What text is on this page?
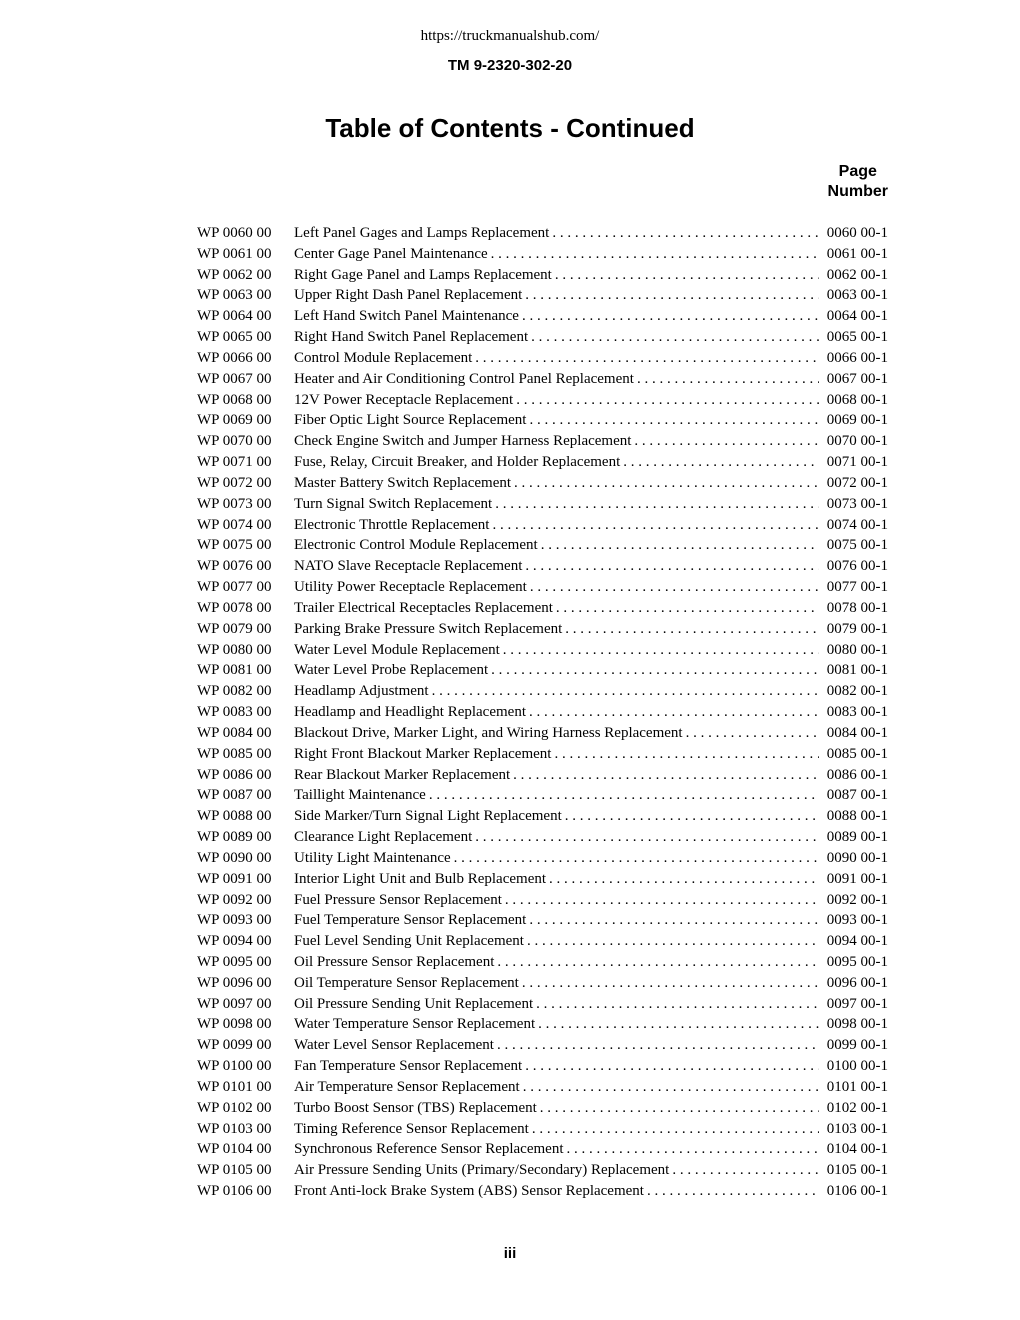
https://truckmanualshub.com/
TM 9-2320-302-20
Table of Contents - Continued
Page
Number
WP 0060 00	Left Panel Gages and Lamps Replacement . . .	0060 00-1
WP 0061 00	Center Gage Panel Maintenance . . .	0061 00-1
WP 0062 00	Right Gage Panel and Lamps Replacement . . .	0062 00-1
WP 0063 00	Upper Right Dash Panel Replacement . . .	0063 00-1
WP 0064 00	Left Hand Switch Panel Maintenance . . .	0064 00-1
WP 0065 00	Right Hand Switch Panel Replacement . . .	0065 00-1
WP 0066 00	Control Module Replacement . . .	0066 00-1
WP 0067 00	Heater and Air Conditioning Control Panel Replacement . . .	0067 00-1
WP 0068 00	12V Power Receptacle Replacement . . .	0068 00-1
WP 0069 00	Fiber Optic Light Source Replacement . . .	0069 00-1
WP 0070 00	Check Engine Switch and Jumper Harness Replacement . . .	0070 00-1
WP 0071 00	Fuse, Relay, Circuit Breaker, and Holder Replacement . . .	0071 00-1
WP 0072 00	Master Battery Switch Replacement . . .	0072 00-1
WP 0073 00	Turn Signal Switch Replacement . . .	0073 00-1
WP 0074 00	Electronic Throttle Replacement . . .	0074 00-1
WP 0075 00	Electronic Control Module Replacement . . .	0075 00-1
WP 0076 00	NATO Slave Receptacle Replacement . . .	0076 00-1
WP 0077 00	Utility Power Receptacle Replacement . . .	0077 00-1
WP 0078 00	Trailer Electrical Receptacles Replacement . . .	0078 00-1
WP 0079 00	Parking Brake Pressure Switch Replacement . . .	0079 00-1
WP 0080 00	Water Level Module Replacement . . .	0080 00-1
WP 0081 00	Water Level Probe Replacement . . .	0081 00-1
WP 0082 00	Headlamp Adjustment . . .	0082 00-1
WP 0083 00	Headlamp and Headlight Replacement . . .	0083 00-1
WP 0084 00	Blackout Drive, Marker Light, and Wiring Harness Replacement . . .	0084 00-1
WP 0085 00	Right Front Blackout Marker Replacement . . .	0085 00-1
WP 0086 00	Rear Blackout Marker Replacement . . .	0086 00-1
WP 0087 00	Taillight Maintenance . . .	0087 00-1
WP 0088 00	Side Marker/Turn Signal Light Replacement . . .	0088 00-1
WP 0089 00	Clearance Light Replacement . . .	0089 00-1
WP 0090 00	Utility Light Maintenance . . .	0090 00-1
WP 0091 00	Interior Light Unit and Bulb Replacement . . .	0091 00-1
WP 0092 00	Fuel Pressure Sensor Replacement . . .	0092 00-1
WP 0093 00	Fuel Temperature Sensor Replacement . . .	0093 00-1
WP 0094 00	Fuel Level Sending Unit Replacement . . .	0094 00-1
WP 0095 00	Oil Pressure Sensor Replacement . . .	0095 00-1
WP 0096 00	Oil Temperature Sensor Replacement . . .	0096 00-1
WP 0097 00	Oil Pressure Sending Unit Replacement . . .	0097 00-1
WP 0098 00	Water Temperature Sensor Replacement . . .	0098 00-1
WP 0099 00	Water Level Sensor Replacement . . .	0099 00-1
WP 0100 00	Fan Temperature Sensor Replacement . . .	0100 00-1
WP 0101 00	Air Temperature Sensor Replacement . . .	0101 00-1
WP 0102 00	Turbo Boost Sensor (TBS) Replacement . . .	0102 00-1
WP 0103 00	Timing Reference Sensor Replacement . . .	0103 00-1
WP 0104 00	Synchronous Reference Sensor Replacement . . .	0104 00-1
WP 0105 00	Air Pressure Sending Units (Primary/Secondary) Replacement . . .	0105 00-1
WP 0106 00	Front Anti-lock Brake System (ABS) Sensor Replacement . . .	0106 00-1
iii
